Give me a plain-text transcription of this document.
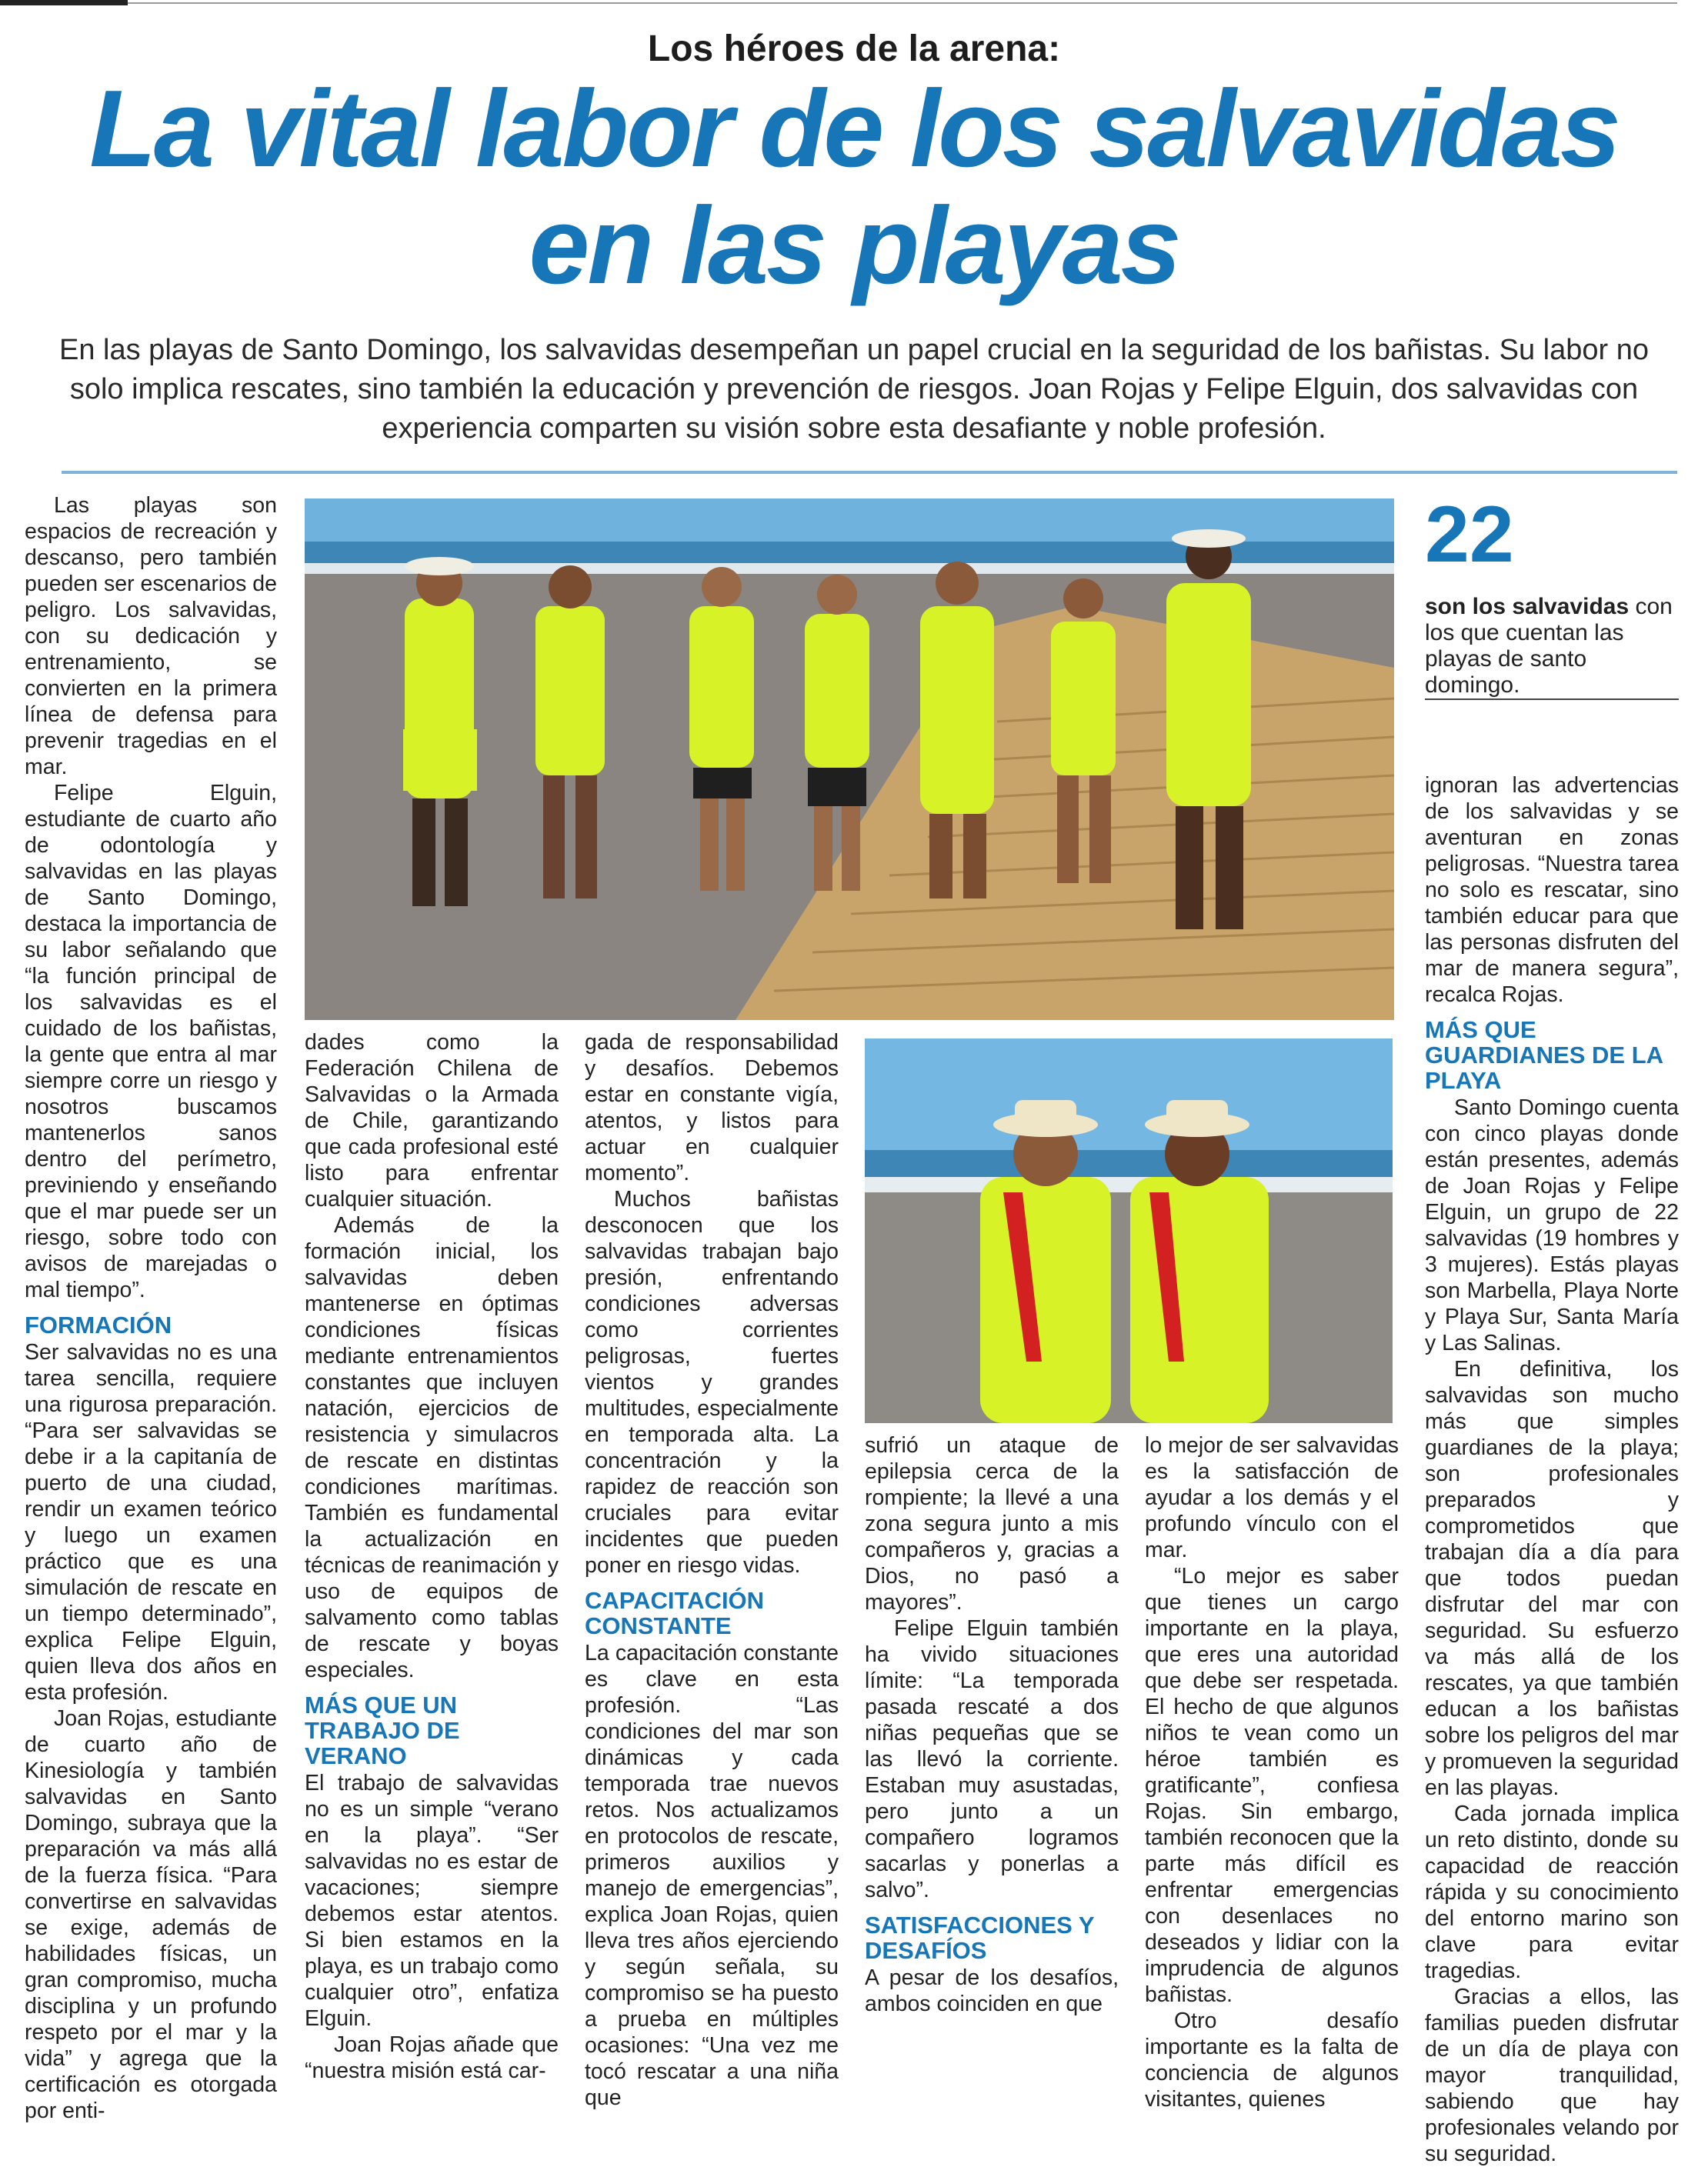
Los héroes de la arena:
La vital labor de los salvavidas
en las playas
En las playas de Santo Domingo, los salvavidas desempeñan un papel crucial en la seguridad de los bañistas. Su labor no solo implica rescates, sino también la educación y prevención de riesgos. Joan Rojas y Felipe Elguin, dos salvavidas con experiencia comparten su visión sobre esta desafiante y noble profesión.

Las playas son espacios de recreación y descanso, pero también pueden ser escenarios de peligro. Los salvavidas, con su dedicación y entrenamiento, se convierten en la primera línea de defensa para prevenir tragedias en el mar.

Felipe Elguin, estudiante de cuarto año de odontología y salvavidas en las playas de Santo Domingo, destaca la importancia de su labor señalando que “la función principal de los salvavidas es el cuidado de los bañistas, la gente que entra al mar siempre corre un riesgo y nosotros buscamos mantenerlos sanos dentro del perímetro, previniendo y enseñando que el mar puede ser un riesgo, sobre todo con avisos de marejadas o mal tiempo”.

FORMACIÓN

Ser salvavidas no es una tarea sencilla, requiere una rigurosa preparación. “Para ser salvavidas se debe ir a la capitanía de puerto de una ciudad, rendir un examen teórico y luego un examen práctico que es una simulación de rescate en un tiempo determinado”, explica Felipe Elguin, quien lleva dos años en esta profesión.

Joan Rojas, estudiante de cuarto año de Kinesiología y también salvavidas en Santo Domingo, subraya que la preparación va más allá de la fuerza física. “Para convertirse en salvavidas se exige, además de habilidades físicas, un gran compromiso, mucha disciplina y un profundo respeto por el mar y la vida” y agrega que la certificación es otorgada por enti-

22
son los salvavidas con los que cuentan las playas de santo domingo.

dades como la Federación Chilena de Salvavidas o la Armada de Chile, garantizando que cada profesional esté listo para enfrentar cualquier situación.

Además de la formación inicial, los salvavidas deben mantenerse en óptimas condiciones físicas mediante entrenamientos constantes que incluyen natación, ejercicios de resistencia y simulacros de rescate en distintas condiciones marítimas. También es fundamental la actualización en técnicas de reanimación y uso de equipos de salvamento como tablas de rescate y boyas especiales.

MÁS QUE UN TRABAJO DE VERANO

El trabajo de salvavidas no es un simple “verano en la playa”. “Ser salvavidas no es estar de vacaciones; siempre debemos estar atentos. Si bien estamos en la playa, es un trabajo como cualquier otro”, enfatiza Elguin.

Joan Rojas añade que “nuestra misión está car-

gada de responsabilidad y desafíos. Debemos estar en constante vigía, atentos, y listos para actuar en cualquier momento”.

Muchos bañistas desconocen que los salvavidas trabajan bajo presión, enfrentando condiciones adversas como corrientes peligrosas, fuertes vientos y grandes multitudes, especialmente en temporada alta. La concentración y la rapidez de reacción son cruciales para evitar incidentes que pueden poner en riesgo vidas.

CAPACITACIÓN CONSTANTE

La capacitación constante es clave en esta profesión. “Las condiciones del mar son dinámicas y cada temporada trae nuevos retos. Nos actualizamos en protocolos de rescate, primeros auxilios y manejo de emergencias”, explica Joan Rojas, quien lleva tres años ejerciendo y según señala, su compromiso se ha puesto a prueba en múltiples ocasiones: “Una vez me tocó rescatar a una niña que

sufrió un ataque de epilepsia cerca de la rompiente; la llevé a una zona segura junto a mis compañeros y, gracias a Dios, no pasó a mayores”.

Felipe Elguin también ha vivido situaciones límite: “La temporada pasada rescaté a dos niñas pequeñas que se las llevó la corriente. Estaban muy asustadas, pero junto a un compañero logramos sacarlas y ponerlas a salvo”.

SATISFACCIONES Y DESAFÍOS

A pesar de los desafíos, ambos coinciden en que

lo mejor de ser salvavidas es la satisfacción de ayudar a los demás y el profundo vínculo con el mar.

“Lo mejor es saber que tienes un cargo importante en la playa, que eres una autoridad que debe ser respetada. El hecho de que algunos niños te vean como un héroe también es gratificante”, confiesa Rojas. Sin embargo, también reconocen que la parte más difícil es enfrentar emergencias con desenlaces no deseados y lidiar con la imprudencia de algunos bañistas.

Otro desafío importante es la falta de conciencia de algunos visitantes, quienes

ignoran las advertencias de los salvavidas y se aventuran en zonas peligrosas. “Nuestra tarea no solo es rescatar, sino también educar para que las personas disfruten del mar de manera segura”, recalca Rojas.

MÁS QUE GUARDIANES DE LA PLAYA

Santo Domingo cuenta con cinco playas donde están presentes, además de Joan Rojas y Felipe Elguin, un grupo de 22 salvavidas (19 hombres y 3 mujeres). Estás playas son Marbella, Playa Norte y Playa Sur, Santa María y Las Salinas.

En definitiva, los salvavidas son mucho más que simples guardianes de la playa; son profesionales preparados y comprometidos que trabajan día a día para que todos puedan disfrutar del mar con seguridad. Su esfuerzo va más allá de los rescates, ya que también educan a los bañistas sobre los peligros del mar y promueven la seguridad en las playas.

Cada jornada implica un reto distinto, donde su capacidad de reacción rápida y su conocimiento del entorno marino son clave para evitar tragedias.

Gracias a ellos, las familias pueden disfrutar de un día de playa con mayor tranquilidad, sabiendo que hay profesionales velando por su seguridad.
